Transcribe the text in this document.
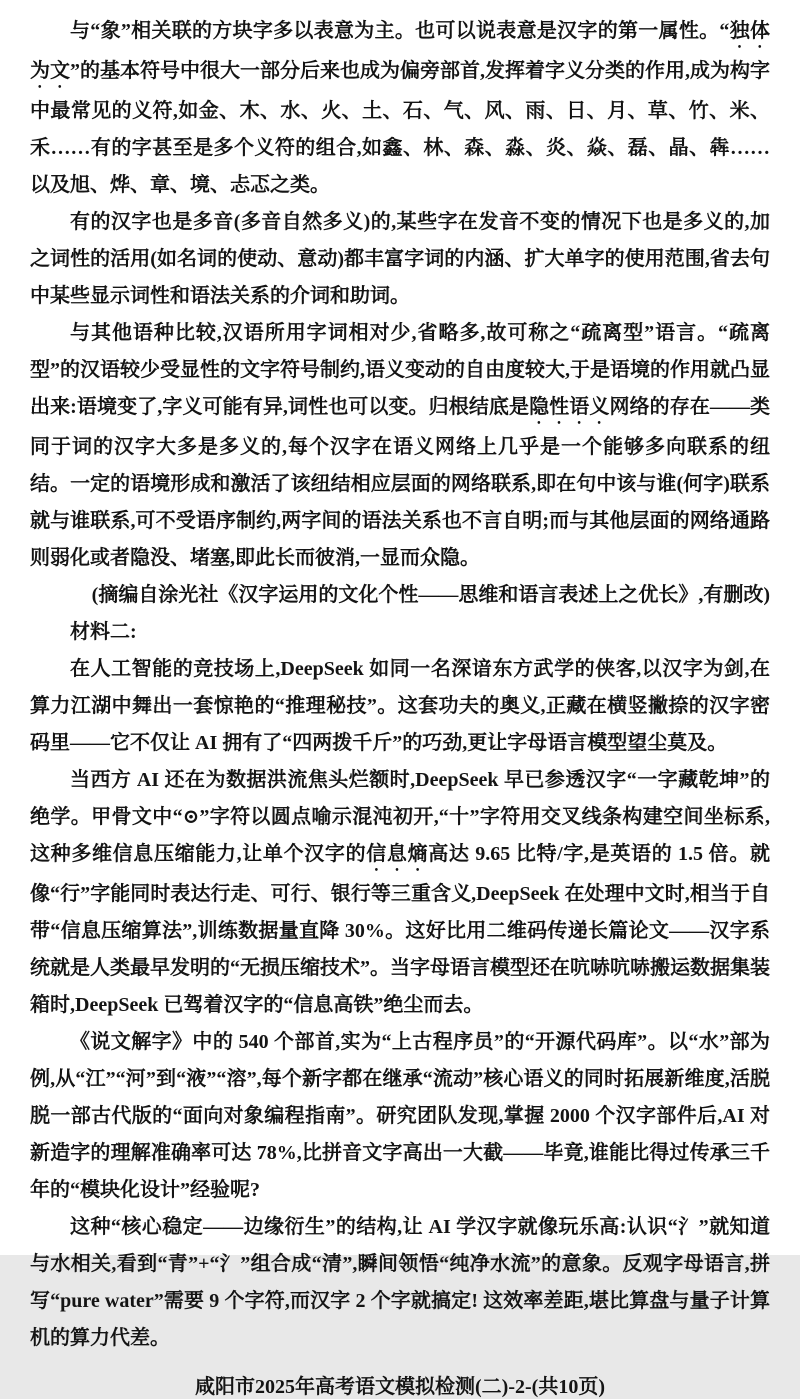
与“象”相关联的方块字多以表意为主。也可以说表意是汉字的第一属性。“独体为文”的基本符号中很大一部分后来也成为偏旁部首,发挥着字义分类的作用,成为构字中最常见的义符,如金、木、水、火、土、石、气、风、雨、日、月、草、竹、米、禾……有的字甚至是多个义符的组合,如鑫、林、森、淼、炎、焱、磊、晶、犇……以及旭、烨、章、境、忐忑之类。

有的汉字也是多音(多音自然多义)的,某些字在发音不变的情况下也是多义的,加之词性的活用(如名词的使动、意动)都丰富字词的内涵、扩大单字的使用范围,省去句中某些显示词性和语法关系的介词和助词。

与其他语种比较,汉语所用字词相对少,省略多,故可称之“疏离型”语言。“疏离型”的汉语较少受显性的文字符号制约,语义变动的自由度较大,于是语境的作用就凸显出来:语境变了,字义可能有异,词性也可以变。归根结底是隐性语义网络的存在——类同于词的汉字大多是多义的,每个汉字在语义网络上几乎是一个能够多向联系的纽结。一定的语境形成和激活了该纽结相应层面的网络联系,即在句中该与谁(何字)联系就与谁联系,可不受语序制约,两字间的语法关系也不言自明;而与其他层面的网络通路则弱化或者隐没、堵塞,即此长而彼消,一显而众隐。

(摘编自涂光社《汉字运用的文化个性——思维和语言表述上之优长》,有删改)

材料二:

在人工智能的竞技场上,DeepSeek 如同一名深谙东方武学的侠客,以汉字为剑,在算力江湖中舞出一套惊艳的“推理秘技”。这套功夫的奥义,正藏在横竖撇捺的汉字密码里——它不仅让 AI 拥有了“四两拨千斤”的巧劲,更让字母语言模型望尘莫及。

当西方 AI 还在为数据洪流焦头烂额时,DeepSeek 早已参透汉字“一字藏乾坤”的绝学。甲骨文中“⊙”字符以圆点喻示混沌初开,“十”字符用交叉线条构建空间坐标系,这种多维信息压缩能力,让单个汉字的信息熵高达 9.65 比特/字,是英语的 1.5 倍。就像“行”字能同时表达行走、可行、银行等三重含义,DeepSeek 在处理中文时,相当于自带“信息压缩算法”,训练数据量直降 30%。这好比用二维码传递长篇论文——汉字系统就是人类最早发明的“无损压缩技术”。当字母语言模型还在吭哧吭哧搬运数据集装箱时,DeepSeek 已驾着汉字的“信息高铁”绝尘而去。

《说文解字》中的 540 个部首,实为“上古程序员”的“开源代码库”。以“水”部为例,从“江”“河”到“液”“溶”,每个新字都在继承“流动”核心语义的同时拓展新维度,活脱脱一部古代版的“面向对象编程指南”。研究团队发现,掌握 2000 个汉字部件后,AI 对新造字的理解准确率可达 78%,比拼音文字高出一大截——毕竟,谁能比得过传承三千年的“模块化设计”经验呢?

这种“核心稳定——边缘衍生”的结构,让 AI 学汉字就像玩乐高:认识“氵”就知道与水相关,看到“青”+“氵”组合成“清”,瞬间领悟“纯净水流”的意象。反观字母语言,拼写“pure water”需要 9 个字符,而汉字 2 个字就搞定! 这效率差距,堪比算盘与量子计算机的算力代差。

咸阳市2025年高考语文模拟检测(二)-2-(共10页)
